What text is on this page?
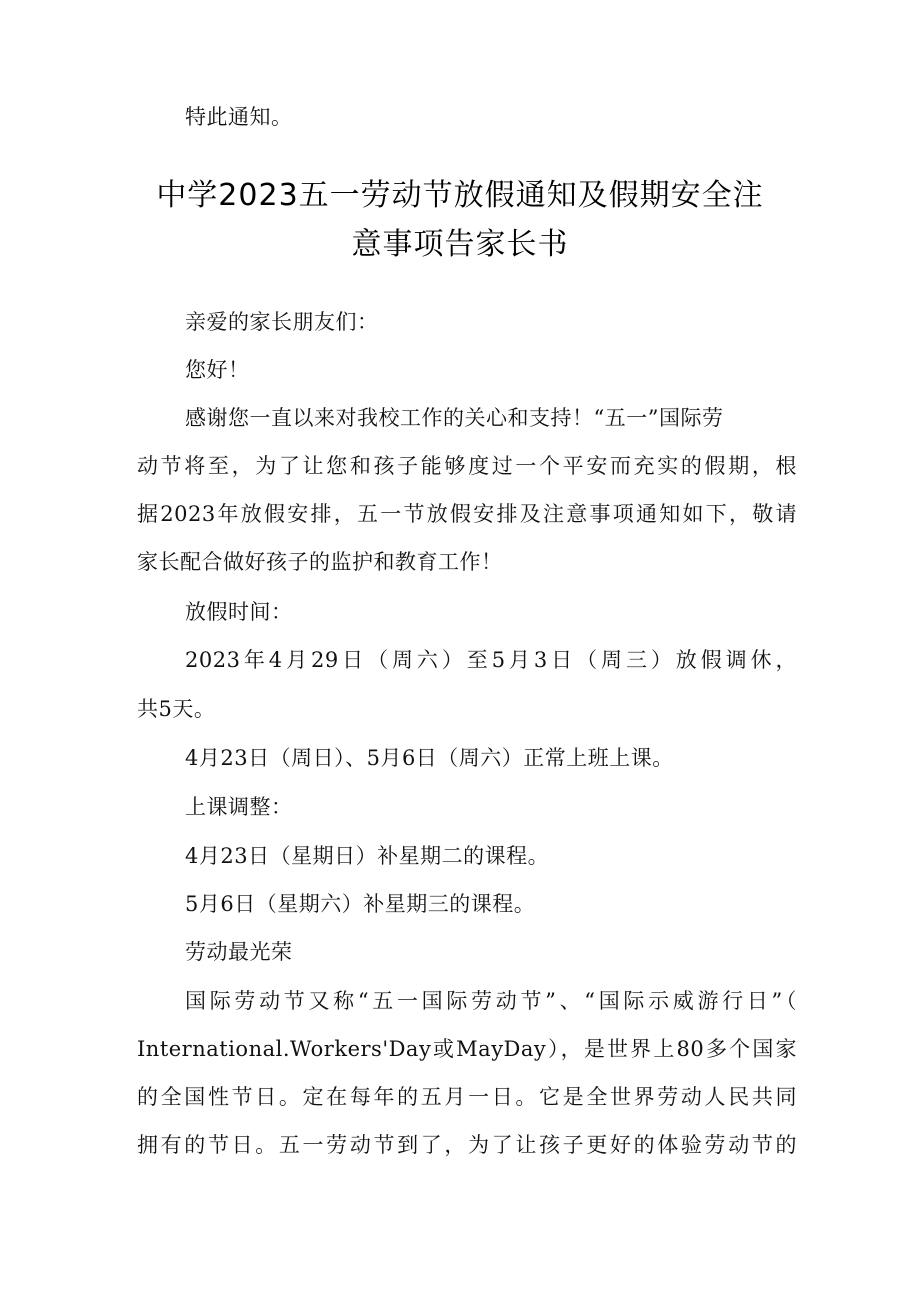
特此通知。
中学2023五一劳动节放假通知及假期安全注
意事项告家长书
亲爱的家长朋友们：
您好！
感谢您一直以来对我校工作的关心和支持！“五一”国际劳
动节将至，为了让您和孩子能够度过一个平安而充实的假期，根
据2023年放假安排，五一节放假安排及注意事项通知如下，敬请
家长配合做好孩子的监护和教育工作！
放假时间：
2023年4月29日（周六）至5月3日（周三）放假调休，
共5天。
4月23日（周日）、5月6日（周六）正常上班上课。
上课调整：
4月23日（星期日）补星期二的课程。
5月6日（星期六）补星期三的课程。
劳动最光荣
国际劳动节又称“五一国际劳动节”、“国际示威游行日”（
International.Workers'Day或MayDay），是世界上80多个国家
的全国性节日。定在每年的五月一日。它是全世界劳动人民共同
拥有的节日。五一劳动节到了，为了让孩子更好的体验劳动节的
